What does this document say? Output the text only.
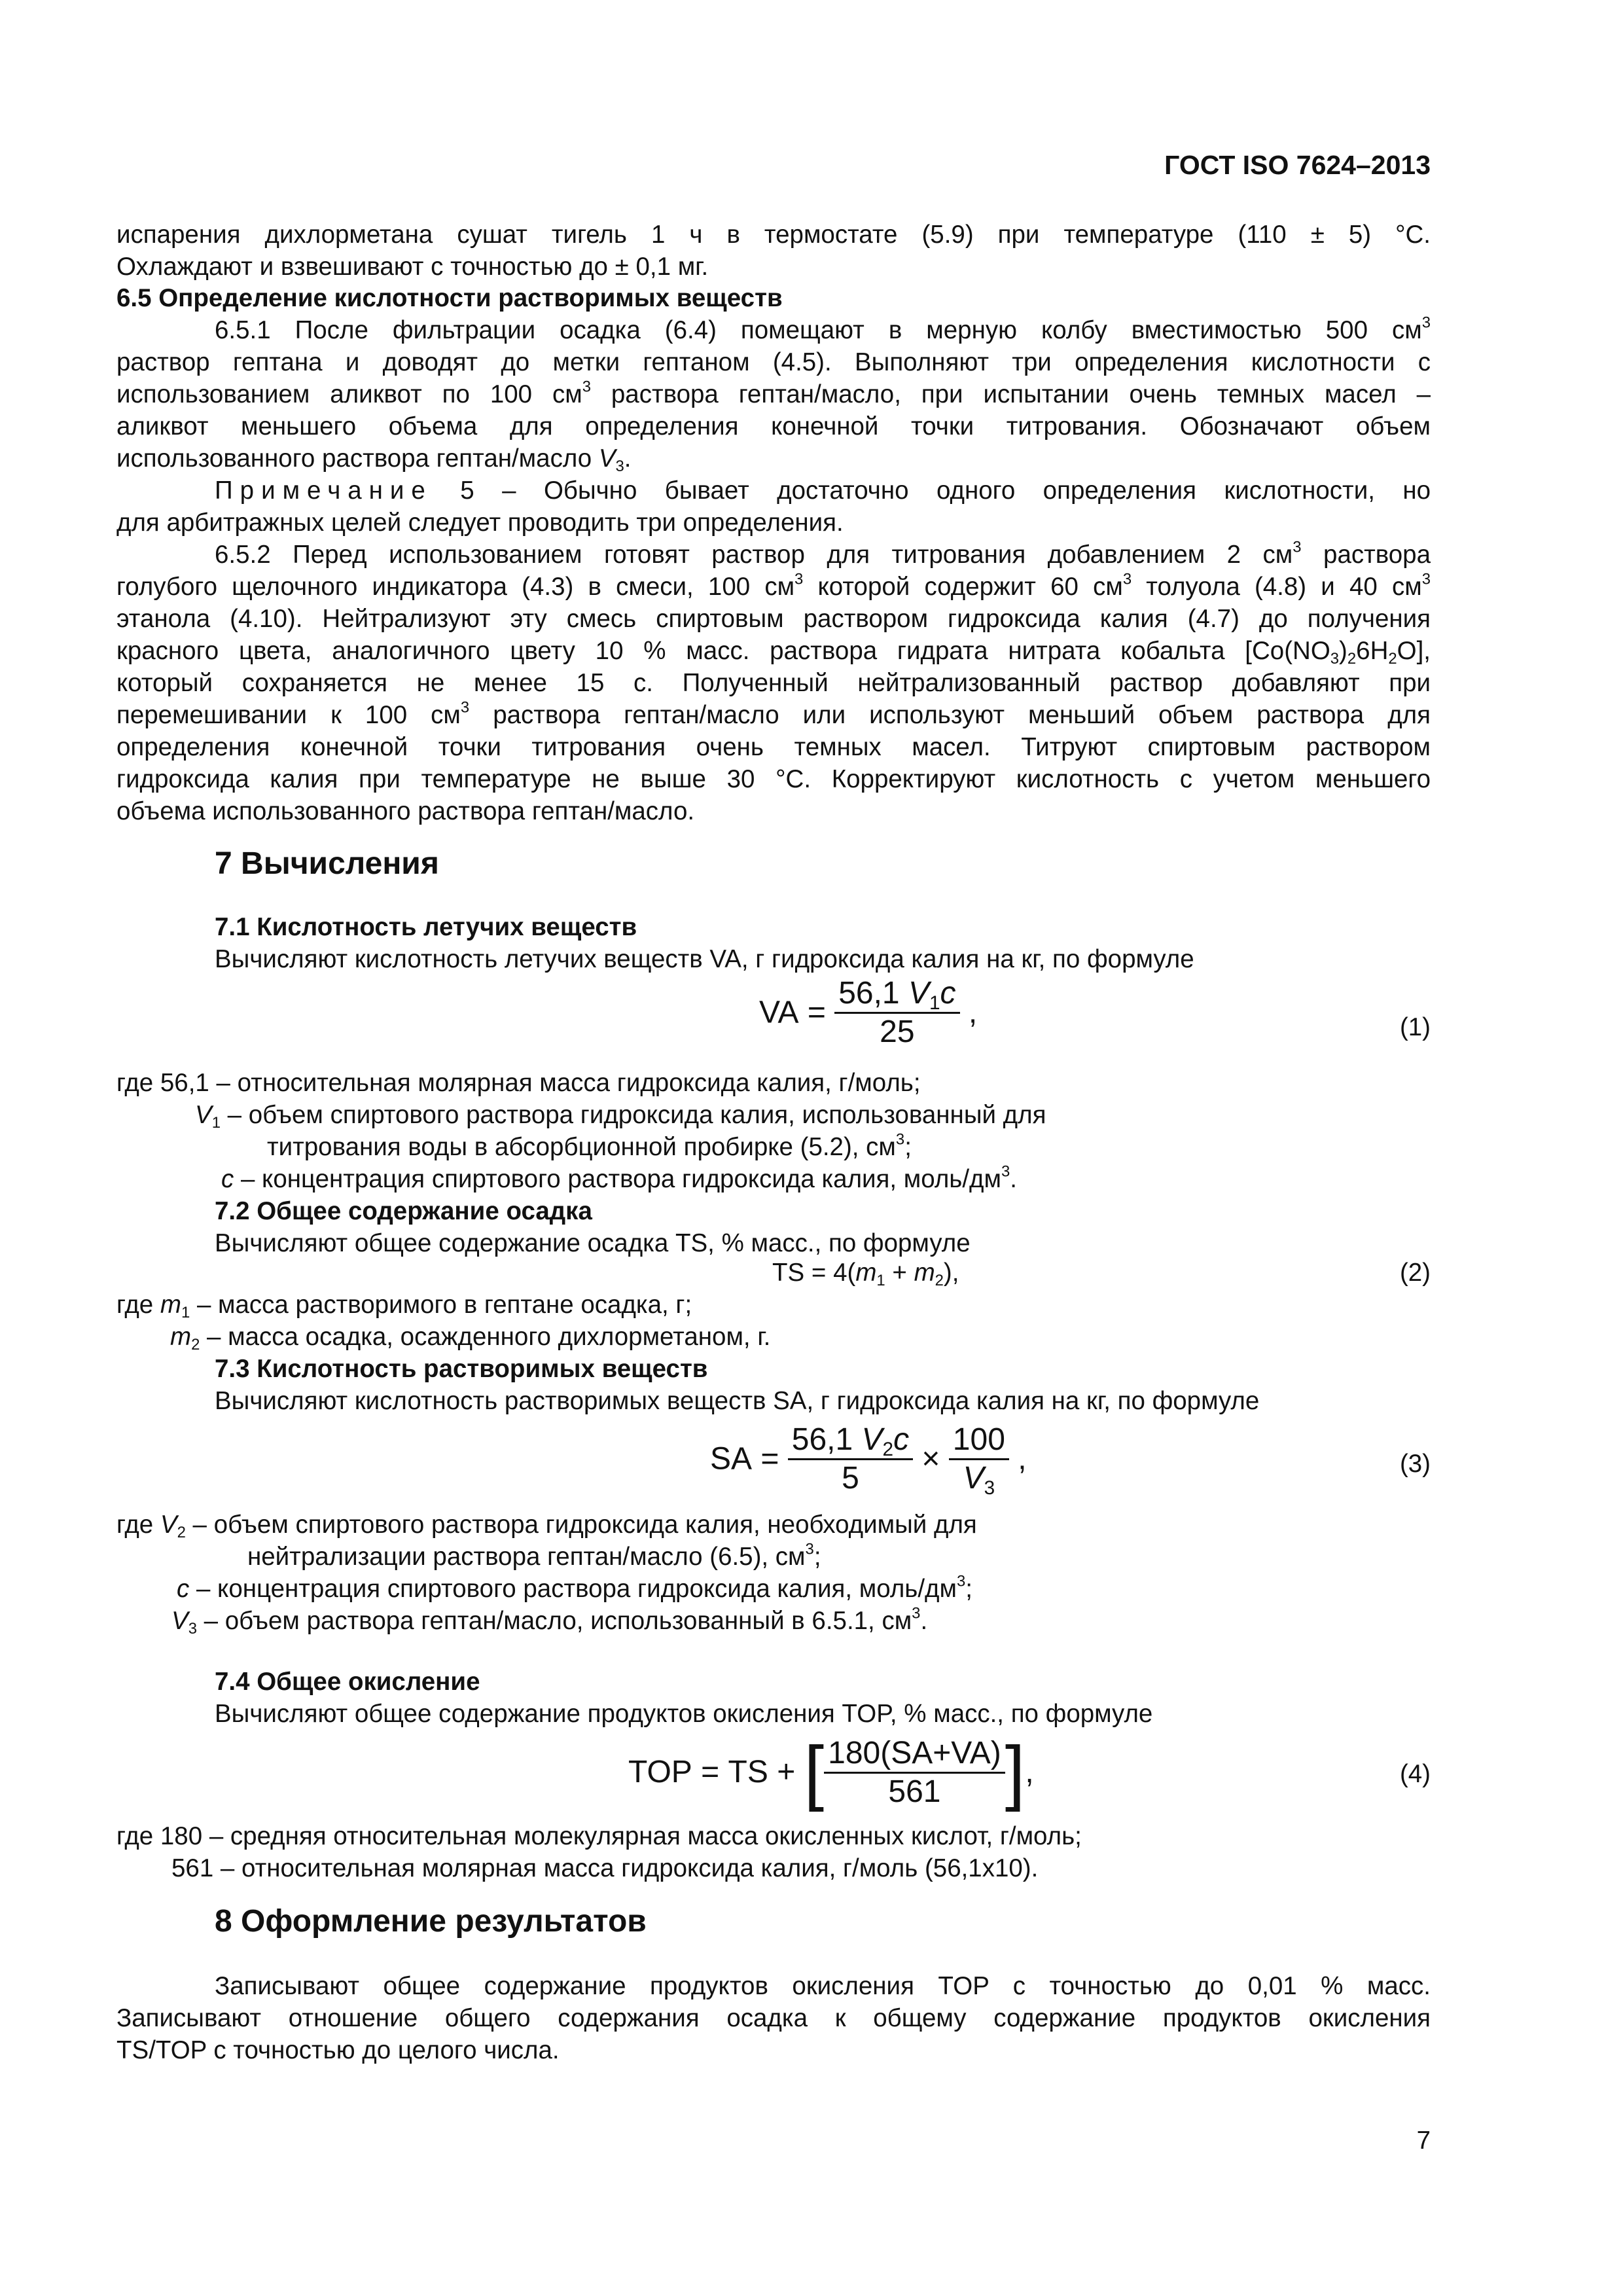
ГОСТ ISO 7624–2013
испарения дихлорметана сушат тигель 1 ч в термостате (5.9) при температуре (110 ± 5) °С.
Охлаждают и взвешивают с точностью до ± 0,1 мг.
6.5 Определение кислотности растворимых веществ
6.5.1 После фильтрации осадка (6.4) помещают в мерную колбу вместимостью 500 $см^3$
раствор гептана и доводят до метки гептаном (4.5). Выполняют три определения кислотности с
использованием аликвот по 100 $см^3$ раствора гептан/масло, при испытании очень темных масел –
аликвот меньшего объема для определения конечной точки титрования. Обозначают объем
использованного раствора гептан/масло $V_3$.
Примечание 5 – Обычно бывает достаточно одного определения кислотности, но
для арбитражных целей следует проводить три определения.
6.5.2 Перед использованием готовят раствор для титрования добавлением 2 $см^3$ раствора
голубого щелочного индикатора (4.3) в смеси, 100 $см^3$ которой содержит 60 $см^3$ толуола (4.8) и 40 $см^3$
этанола (4.10). Нейтрализуют эту смесь спиртовым раствором гидроксида калия (4.7) до получения
красного цвета, аналогичного цвету 10 % масс. раствора гидрата нитрата кобальта $[Co(NO_3)_26H_2O]$,
который сохраняется не менее 15 с. Полученный нейтрализованный раствор добавляют при
перемешивании к 100 $см^3$ раствора гептан/масло или используют меньший объем раствора для
определения конечной точки титрования очень темных масел. Титруют спиртовым раствором
гидроксида калия при температуре не выше 30 °С. Корректируют кислотность с учетом меньшего
объема использованного раствора гептан/масло.
7 Вычисления
7.1 Кислотность летучих веществ
Вычисляют кислотность летучих веществ VA, г гидроксида калия на кг, по формуле
VA = $\frac{56,1 V_1c}{25}$ ,	(1)
где 56,1 – относительная молярная масса гидроксида калия, г/моль;
$V_1$ – объем спиртового раствора гидроксида калия, использованный для
титрования воды в абсорбционной пробирке (5.2), $см^3$;
c – концентрация спиртового раствора гидроксида калия, моль/$дм^3$.
7.2 Общее содержание осадка
Вычисляют общее содержание осадка TS, % масс., по формуле
TS = $4(m_1 + m_2)$,	(2)
где $m_1$ – масса растворимого в гептане осадка, г;
$m_2$ – масса осадка, осажденного дихлорметаном, г.
7.3 Кислотность растворимых веществ
Вычисляют кислотность растворимых веществ SA, г гидроксида калия на кг, по формуле
SA = $\frac{56,1 V_2c}{5} \times \frac{100}{V_3}$ ,	(3)
где $V_2$ – объем спиртового раствора гидроксида калия, необходимый для
нейтрализации раствора гептан/масло (6.5), $см^3$;
c – концентрация спиртового раствора гидроксида калия, моль/$дм^3$;
$V_3$ – объем раствора гептан/масло, использованный в 6.5.1, $см^3$.
7.4 Общее окисление
Вычисляют общее содержание продуктов окисления TOP, % масс., по формуле
TOP = TS + [ $\frac{180(SA+VA)}{561}$ ],	(4)
где 180 – средняя относительная молекулярная масса окисленных кислот, г/моль;
561 – относительная молярная масса гидроксида калия, г/моль (56,1х10).
8 Оформление результатов
Записывают общее содержание продуктов окисления TOP с точностью до 0,01 % масс.
Записывают отношение общего содержания осадка к общему содержание продуктов окисления
TS/TOP с точностью до целого числа.
7
